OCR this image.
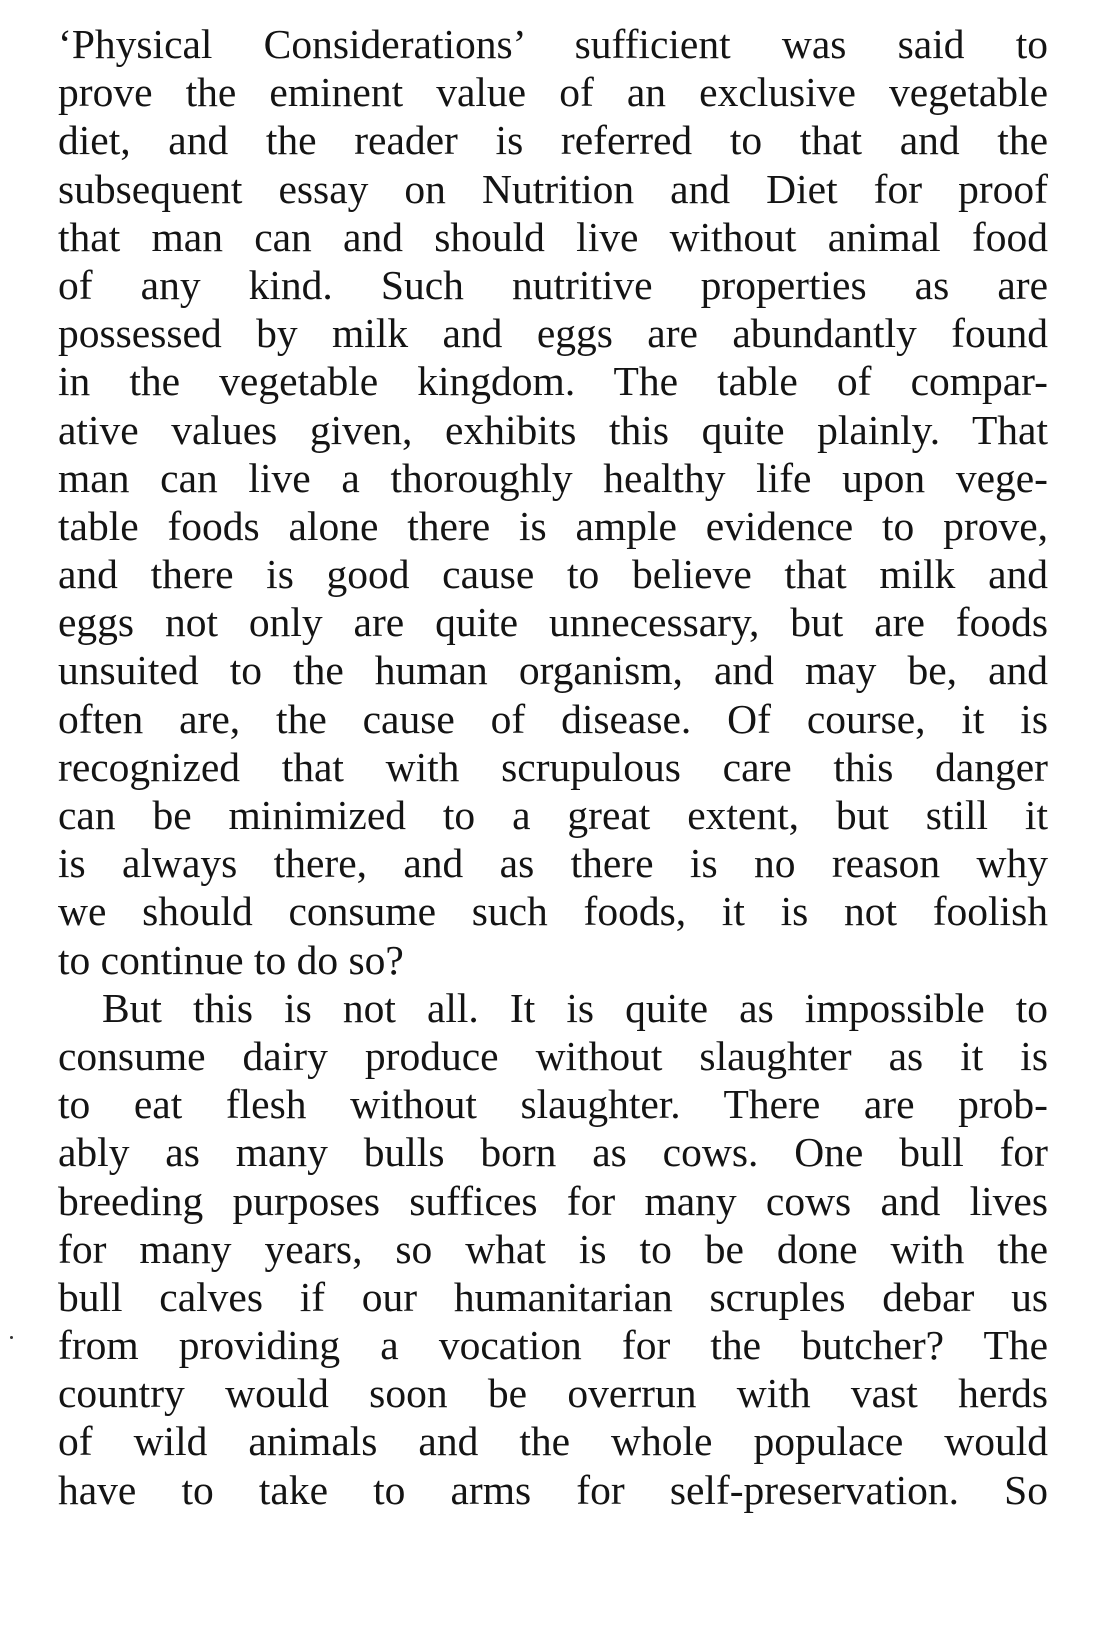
‘Physical Considerations’ sufficient was said to
prove the eminent value of an exclusive vegetable
diet, and the reader is referred to that and the
subsequent essay on Nutrition and Diet for proof
that man can and should live without animal food
of any kind. Such nutritive properties as are
possessed by milk and eggs are abundantly found
in the vegetable kingdom. The table of compar-
ative values given, exhibits this quite plainly. That
man can live a thoroughly healthy life upon vege-
table foods alone there is ample evidence to prove,
and there is good cause to believe that milk and
eggs not only are quite unnecessary, but are foods
unsuited to the human organism, and may be, and
often are, the cause of disease. Of course, it is
recognized that with scrupulous care this danger
can be minimized to a great extent, but still it
is always there, and as there is no reason why
we should consume such foods, it is not foolish
to continue to do so?
But this is not all. It is quite as impossible to
consume dairy produce without slaughter as it is
to eat flesh without slaughter. There are prob-
ably as many bulls born as cows. One bull for
breeding purposes suffices for many cows and lives
for many years, so what is to be done with the
bull calves if our humanitarian scruples debar us
from providing a vocation for the butcher? The
country would soon be overrun with vast herds
of wild animals and the whole populace would
have to take to arms for self-preservation. So
